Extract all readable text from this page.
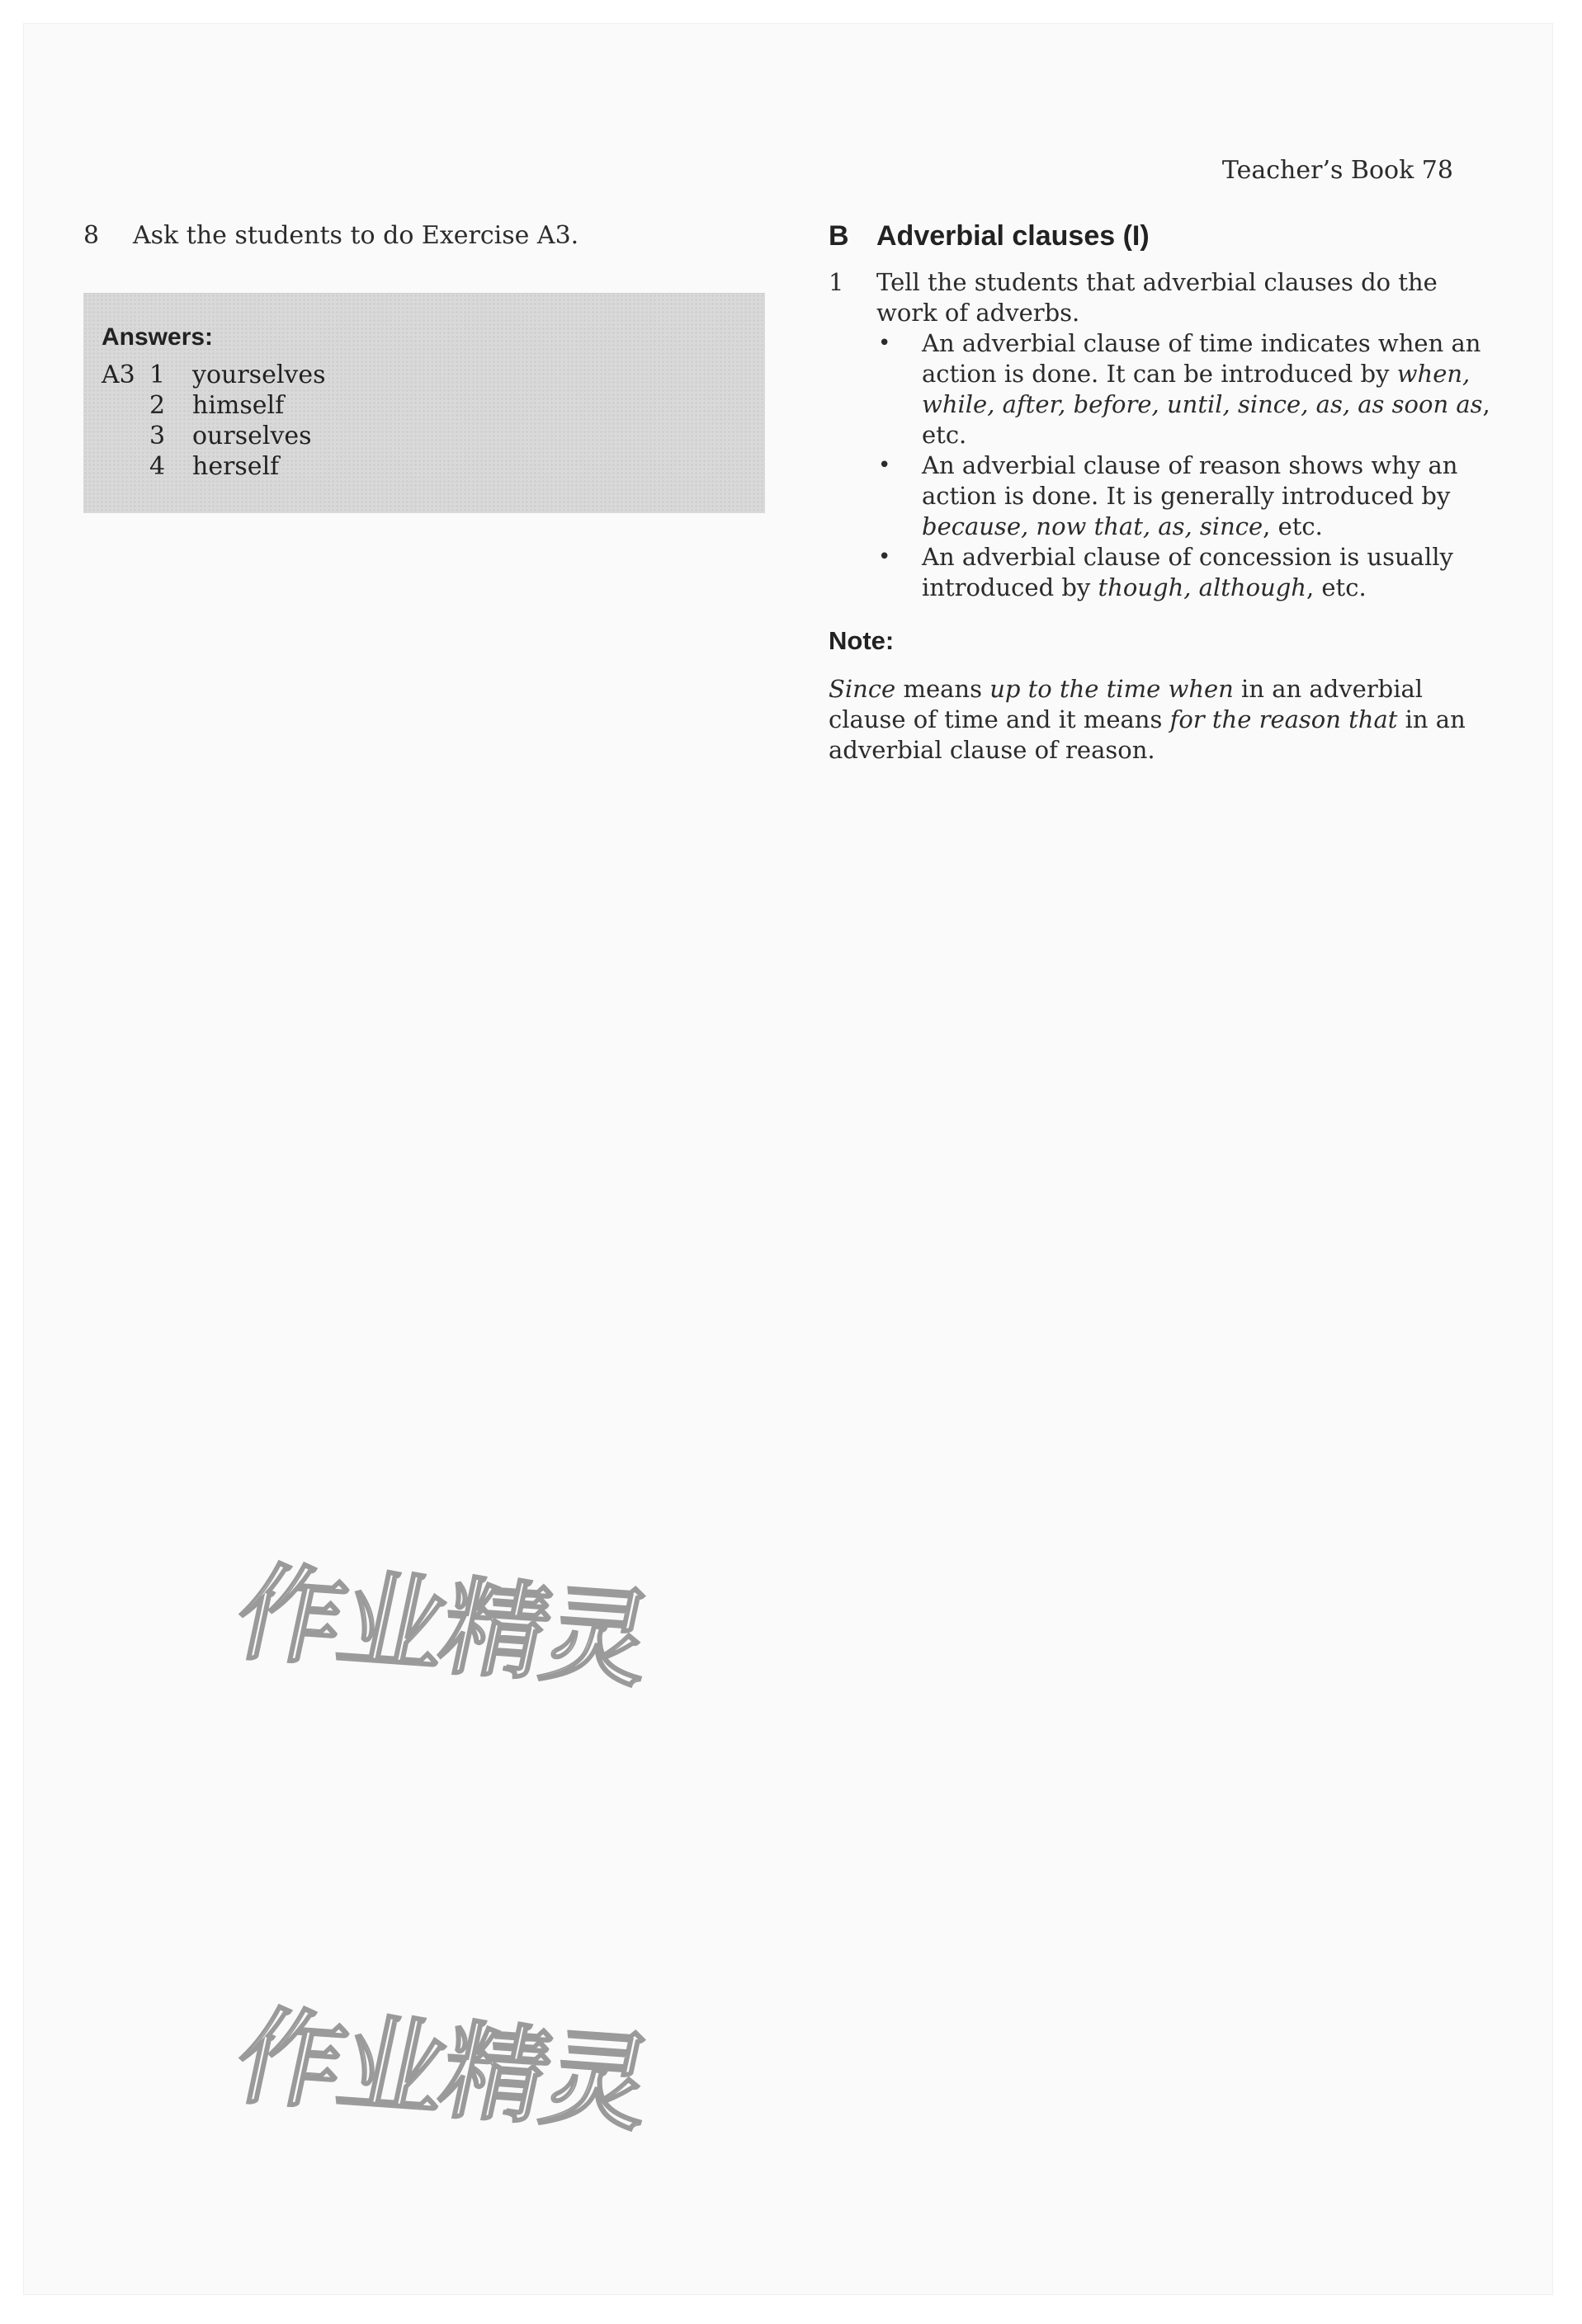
Teacher’s Book 78
8	Ask the students to do Exercise A3.
Answers:
A3 1	yourselves
2	himself
3	ourselves
4	herself
B Adverbial clauses (I)
1	Tell the students that adverbial clauses do the work of adverbs.
•	An adverbial clause of time indicates when an action is done. It can be introduced by when, while, after, before, until, since, as, as soon as, etc.
•	An adverbial clause of reason shows why an action is done. It is generally introduced by because, now that, as, since, etc.
•	An adverbial clause of concession is usually introduced by though, although, etc.
Note:
Since means up to the time when in an adverbial clause of time and it means for the reason that in an adverbial clause of reason.
作业精灵
作业精灵
